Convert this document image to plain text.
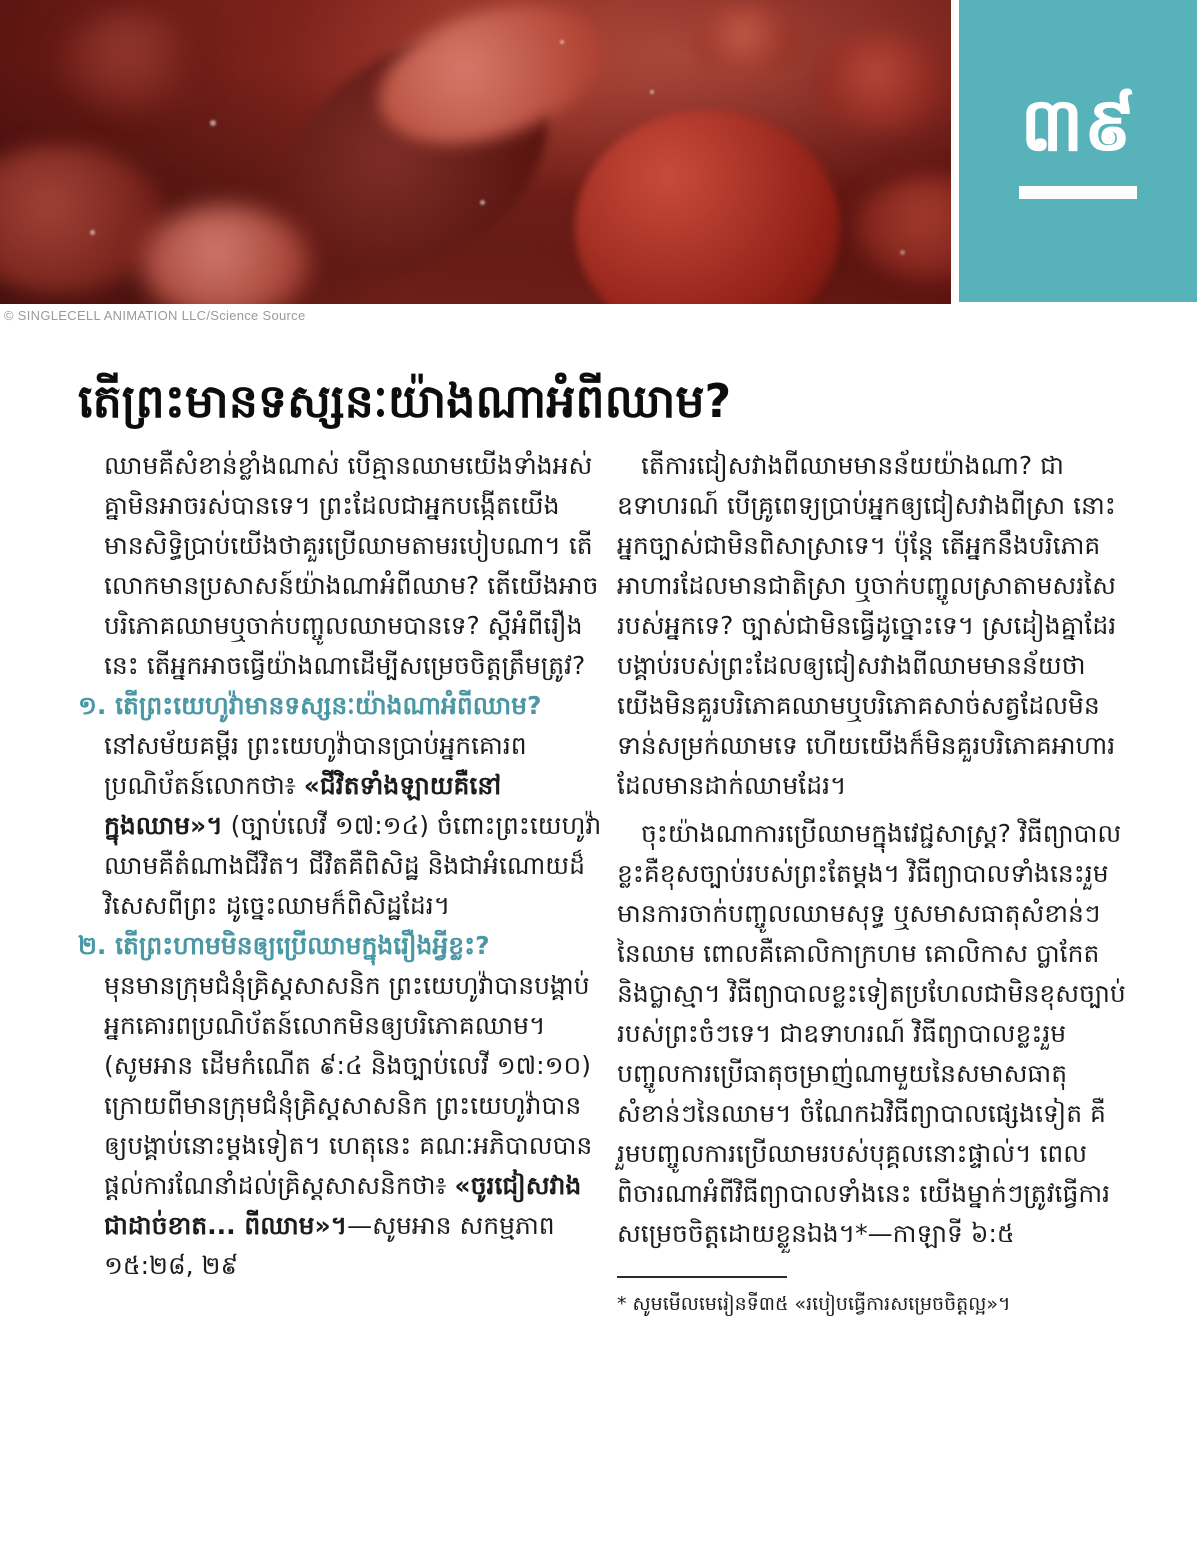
៣៩
© SINGLECELL ANIMATION LLC/Science Source
តើព្រះមានទស្សនៈយ៉ាងណាអំពីឈាម?

ឈាមគឺសំខាន់ខ្លាំងណាស់ បើគ្មានឈាមយើងទាំងអស់គ្នាមិនអាចរស់បានទេ។ ព្រះដែលជាអ្នកបង្កើតយើង មានសិទ្ធិប្រាប់យើងថាគួរប្រើឈាមតាមរបៀបណា។ តើលោកមានប្រសាសន៍យ៉ាងណាអំពីឈាម? តើយើងអាចបរិភោគឈាមឬចាក់បញ្ចូលឈាមបានទេ? ស្ដីអំពីរឿងនេះ តើអ្នកអាចធ្វើយ៉ាងណាដើម្បីសម្រេចចិត្តត្រឹមត្រូវ?

១. តើព្រះយេហូវ៉ាមានទស្សនៈយ៉ាងណាអំពីឈាម?

នៅសម័យគម្ពីរ ព្រះយេហូវ៉ាបានប្រាប់អ្នកគោរពប្រណិប័តន៍លោកថា៖ «ជីវិតទាំងឡាយគឺនៅក្នុងឈាម»។ (ច្បាប់លេវី ១៧:១៤) ចំពោះព្រះយេហូវ៉ា ឈាមគឺតំណាងជីវិត។ ជីវិតគឺពិសិដ្ឋ និងជាអំណោយដ៏វិសេសពីព្រះ ដូច្នេះឈាមក៏ពិសិដ្ឋដែរ។

២. តើព្រះហាមមិនឲ្យប្រើឈាមក្នុងរឿងអ្វីខ្លះ?

មុនមានក្រុមជំនុំគ្រិស្ដសាសនិក ព្រះយេហូវ៉ាបានបង្គាប់អ្នកគោរពប្រណិប័តន៍លោកមិនឲ្យបរិភោគឈាម។ (សូមអាន ដើមកំណើត ៩:៤ និងច្បាប់លេវី ១៧:១០) ក្រោយពីមានក្រុមជំនុំគ្រិស្ដសាសនិក ព្រះយេហូវ៉ាបានឲ្យបង្គាប់នោះម្ដងទៀត។ ហេតុនេះ គណៈអភិបាលបានផ្ដល់ការណែនាំដល់គ្រិស្ដសាសនិកថា៖ «ចូរជៀសវាងជាដាច់ខាត... ពីឈាម»។—សូមអាន សកម្មភាព ១៥:២៨, ២៩

តើការជៀសវាងពីឈាមមានន័យយ៉ាងណា? ជាឧទាហរណ៍ បើគ្រូពេទ្យប្រាប់អ្នកឲ្យជៀសវាងពីស្រា នោះអ្នកច្បាស់ជាមិនពិសាស្រាទេ។ ប៉ុន្តែ តើអ្នកនឹងបរិភោគអាហារដែលមានជាតិស្រា ឬចាក់បញ្ចូលស្រាតាមសរសៃរបស់អ្នកទេ? ច្បាស់ជាមិនធ្វើដូច្នោះទេ។ ស្រដៀងគ្នាដែរ បង្គាប់របស់ព្រះដែលឲ្យជៀសវាងពីឈាមមានន័យថា យើងមិនគួរបរិភោគឈាមឬបរិភោគសាច់សត្វដែលមិនទាន់សម្រក់ឈាមទេ ហើយយើងក៏មិនគួរបរិភោគអាហារដែលមានដាក់ឈាមដែរ។

ចុះយ៉ាងណាការប្រើឈាមក្នុងវេជ្ជសាស្ត្រ? វិធីព្យាបាលខ្លះគឺខុសច្បាប់របស់ព្រះតែម្ដង។ វិធីព្យាបាលទាំងនេះរួមមានការចាក់បញ្ចូលឈាមសុទ្ធ ឬសមាសធាតុសំខាន់ៗនៃឈាម ពោលគឺគោលិកាក្រហម គោលិកាស ប្លាកែត និងប្លាស្មា។ វិធីព្យាបាលខ្លះទៀតប្រហែលជាមិនខុសច្បាប់របស់ព្រះចំៗទេ។ ជាឧទាហរណ៍ វិធីព្យាបាលខ្លះរួមបញ្ចូលការប្រើធាតុចម្រាញ់ណាមួយនៃសមាសធាតុសំខាន់ៗនៃឈាម។ ចំណែកឯវិធីព្យាបាលផ្សេងទៀត គឺរួមបញ្ចូលការប្រើឈាមរបស់បុគ្គលនោះផ្ទាល់។ ពេលពិចារណាអំពីវិធីព្យាបាលទាំងនេះ យើងម្នាក់ៗត្រូវធ្វើការសម្រេចចិត្តដោយខ្លួនឯង។*—កាឡាទី ៦:៥

* សូមមើលមេរៀនទី៣៥ «របៀបធ្វើការសម្រេចចិត្តល្អ»។
